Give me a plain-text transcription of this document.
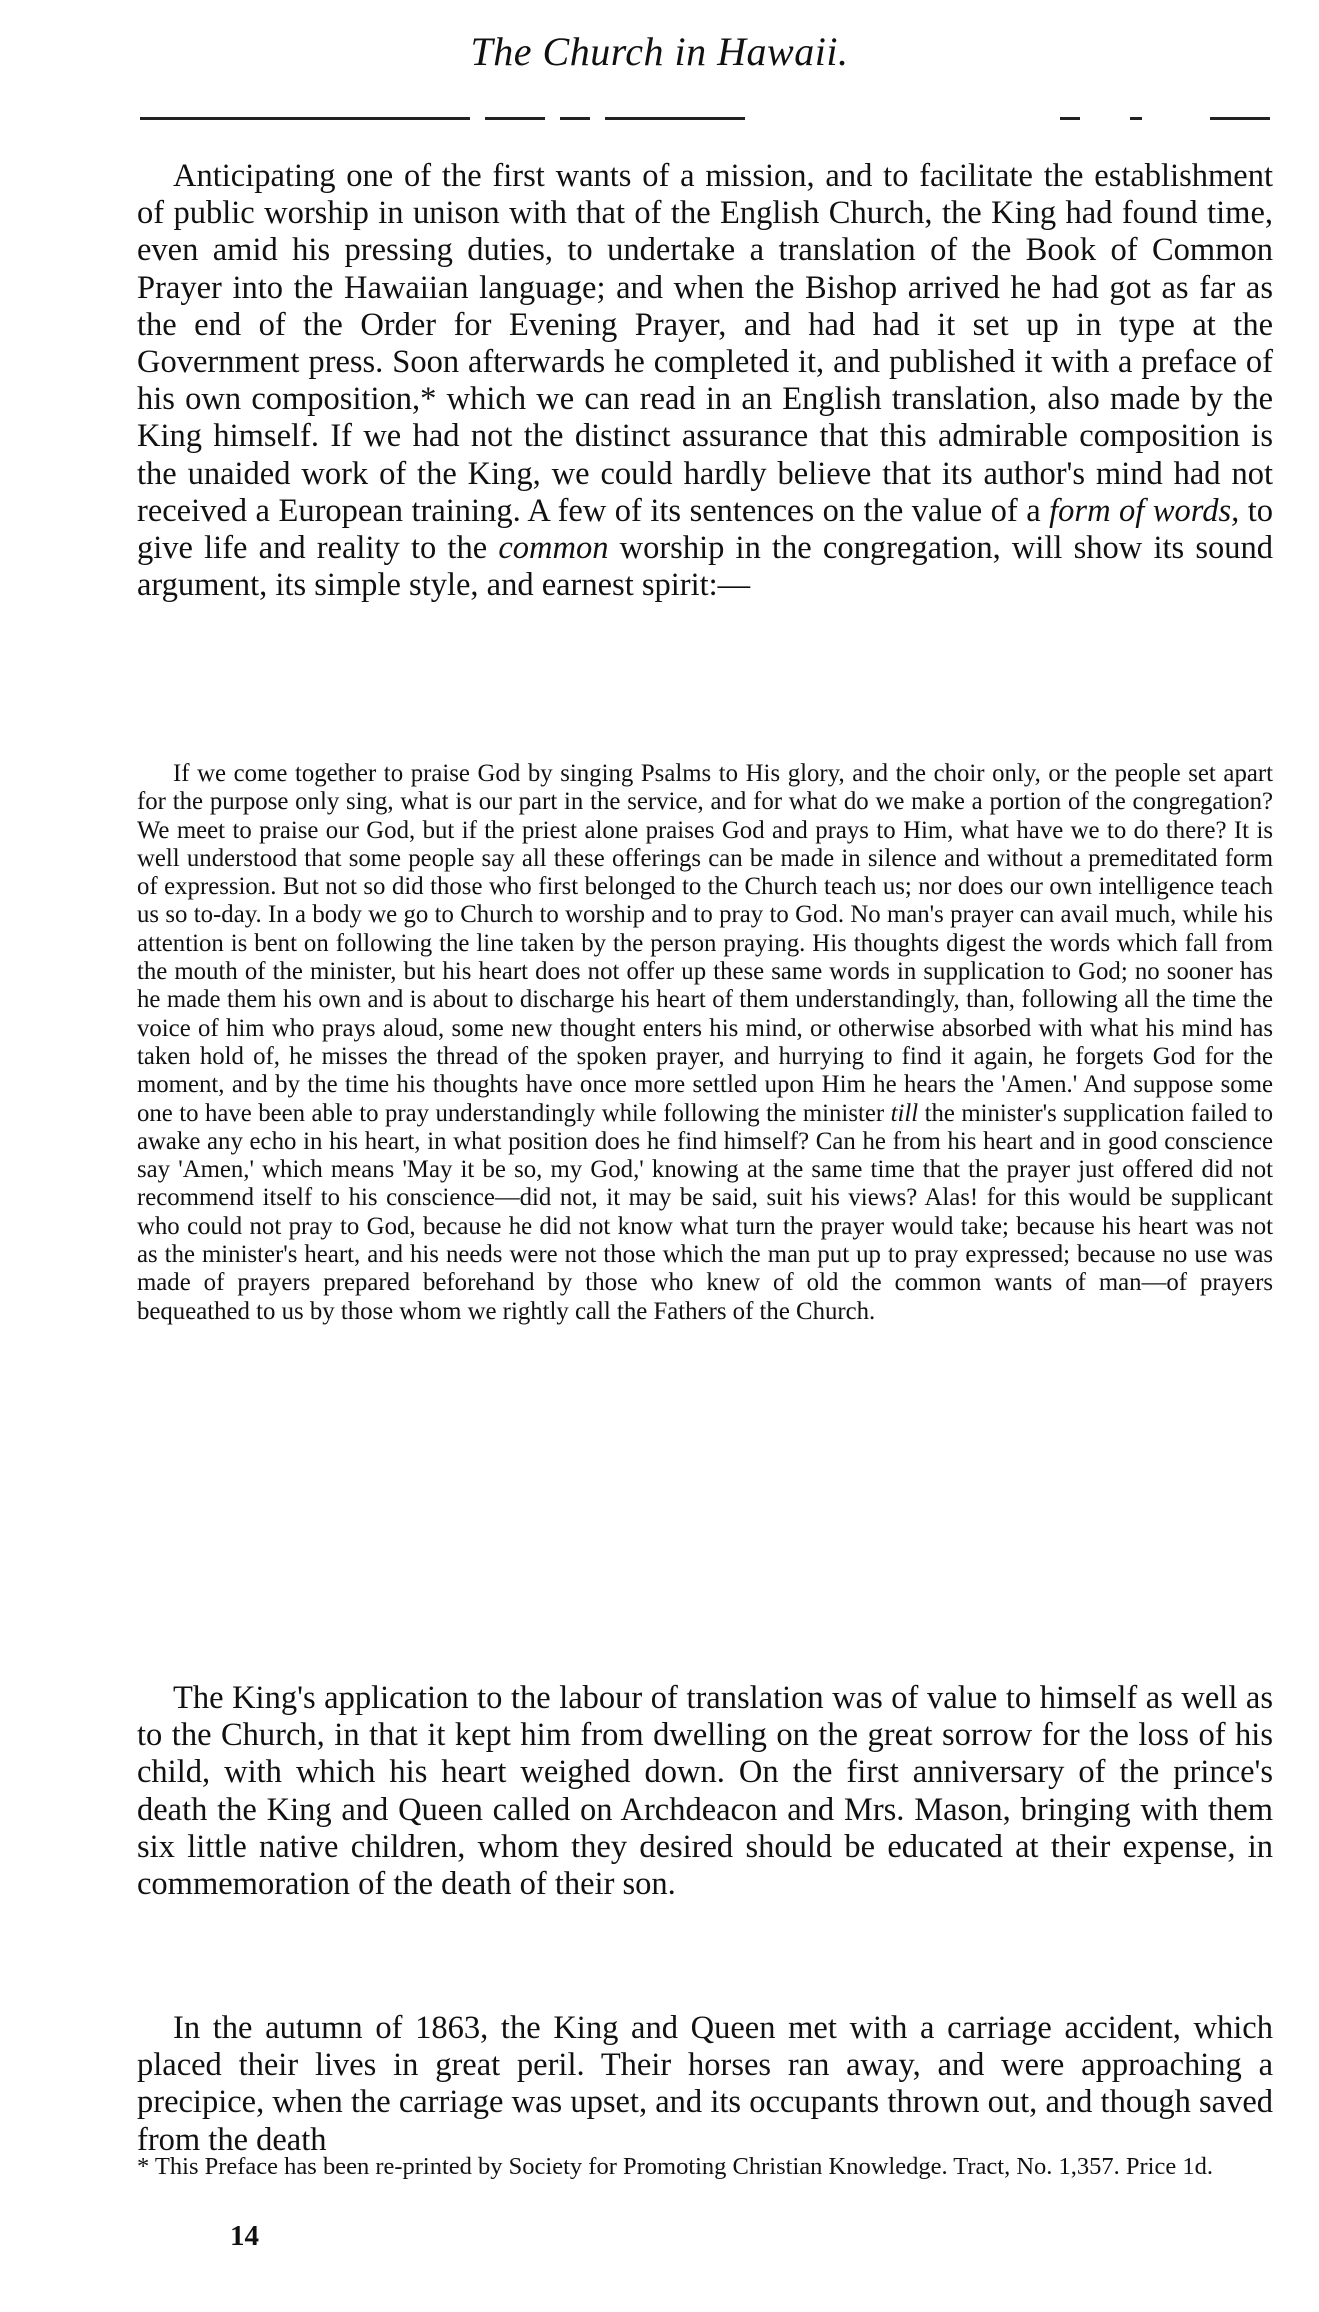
The Church in Hawaii.

Anticipating one of the first wants of a mission, and to facilitate the establishment of public worship in unison with that of the English Church, the King had found time, even amid his pressing duties, to undertake a translation of the Book of Common Prayer into the Hawaiian language; and when the Bishop arrived he had got as far as the end of the Order for Evening Prayer, and had had it set up in type at the Government press. Soon afterwards he completed it, and published it with a preface of his own composition,* which we can read in an English translation, also made by the King himself. If we had not the distinct assurance that this admirable composition is the unaided work of the King, we could hardly believe that its author's mind had not received a European training. A few of its sentences on the value of a form of words, to give life and reality to the common worship in the congregation, will show its sound argument, its simple style, and earnest spirit:—

If we come together to praise God by singing Psalms to His glory, and the choir only, or the people set apart for the purpose only sing, what is our part in the service, and for what do we make a portion of the congregation? We meet to praise our God, but if the priest alone praises God and prays to Him, what have we to do there? It is well understood that some people say all these offerings can be made in silence and without a premeditated form of expression. But not so did those who first belonged to the Church teach us; nor does our own intelligence teach us so to-day. In a body we go to Church to worship and to pray to God. No man's prayer can avail much, while his attention is bent on following the line taken by the person praying. His thoughts digest the words which fall from the mouth of the minister, but his heart does not offer up these same words in supplication to God; no sooner has he made them his own and is about to discharge his heart of them understandingly, than, following all the time the voice of him who prays aloud, some new thought enters his mind, or otherwise absorbed with what his mind has taken hold of, he misses the thread of the spoken prayer, and hurrying to find it again, he forgets God for the moment, and by the time his thoughts have once more settled upon Him he hears the 'Amen.' And suppose some one to have been able to pray understandingly while following the minister till the minister's supplication failed to awake any echo in his heart, in what position does he find himself? Can he from his heart and in good conscience say 'Amen,' which means 'May it be so, my God,' knowing at the same time that the prayer just offered did not recommend itself to his conscience—did not, it may be said, suit his views? Alas! for this would be supplicant who could not pray to God, because he did not know what turn the prayer would take; because his heart was not as the minister's heart, and his needs were not those which the man put up to pray expressed; because no use was made of prayers prepared beforehand by those who knew of old the common wants of man—of prayers bequeathed to us by those whom we rightly call the Fathers of the Church.

The King's application to the labour of translation was of value to himself as well as to the Church, in that it kept him from dwelling on the great sorrow for the loss of his child, with which his heart weighed down. On the first anniversary of the prince's death the King and Queen called on Archdeacon and Mrs. Mason, bringing with them six little native children, whom they desired should be educated at their expense, in commemoration of the death of their son.

In the autumn of 1863, the King and Queen met with a carriage accident, which placed their lives in great peril. Their horses ran away, and were approaching a precipice, when the carriage was upset, and its occupants thrown out, and though saved from the death

* This Preface has been re-printed by Society for Promoting Christian Knowledge. Tract, No. 1,357. Price 1d.

14
